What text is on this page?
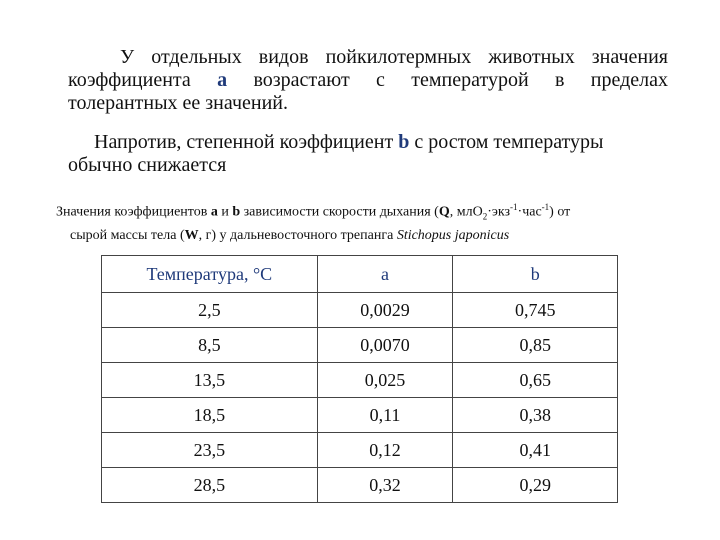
У отдельных видов пойкилотермных животных значения
коэффициента a возрастают с температурой в пределах
толерантных ее значений.
Напротив, степенной коэффициент b с ростом температуры
обычно снижается
Значения коэффициентов a и b зависимости скорости дыхания (Q, млO$_2$·экз$^{-1}$·час$^{-1}$) от
сырой массы тела (W, г) у дальневосточного трепанга Stichopus japonicus
Температура, °С	a	b
2,5	0,0029	0,745
8,5	0,0070	0,85
13,5	0,025	0,65
18,5	0,11	0,38
23,5	0,12	0,41
28,5	0,32	0,29
